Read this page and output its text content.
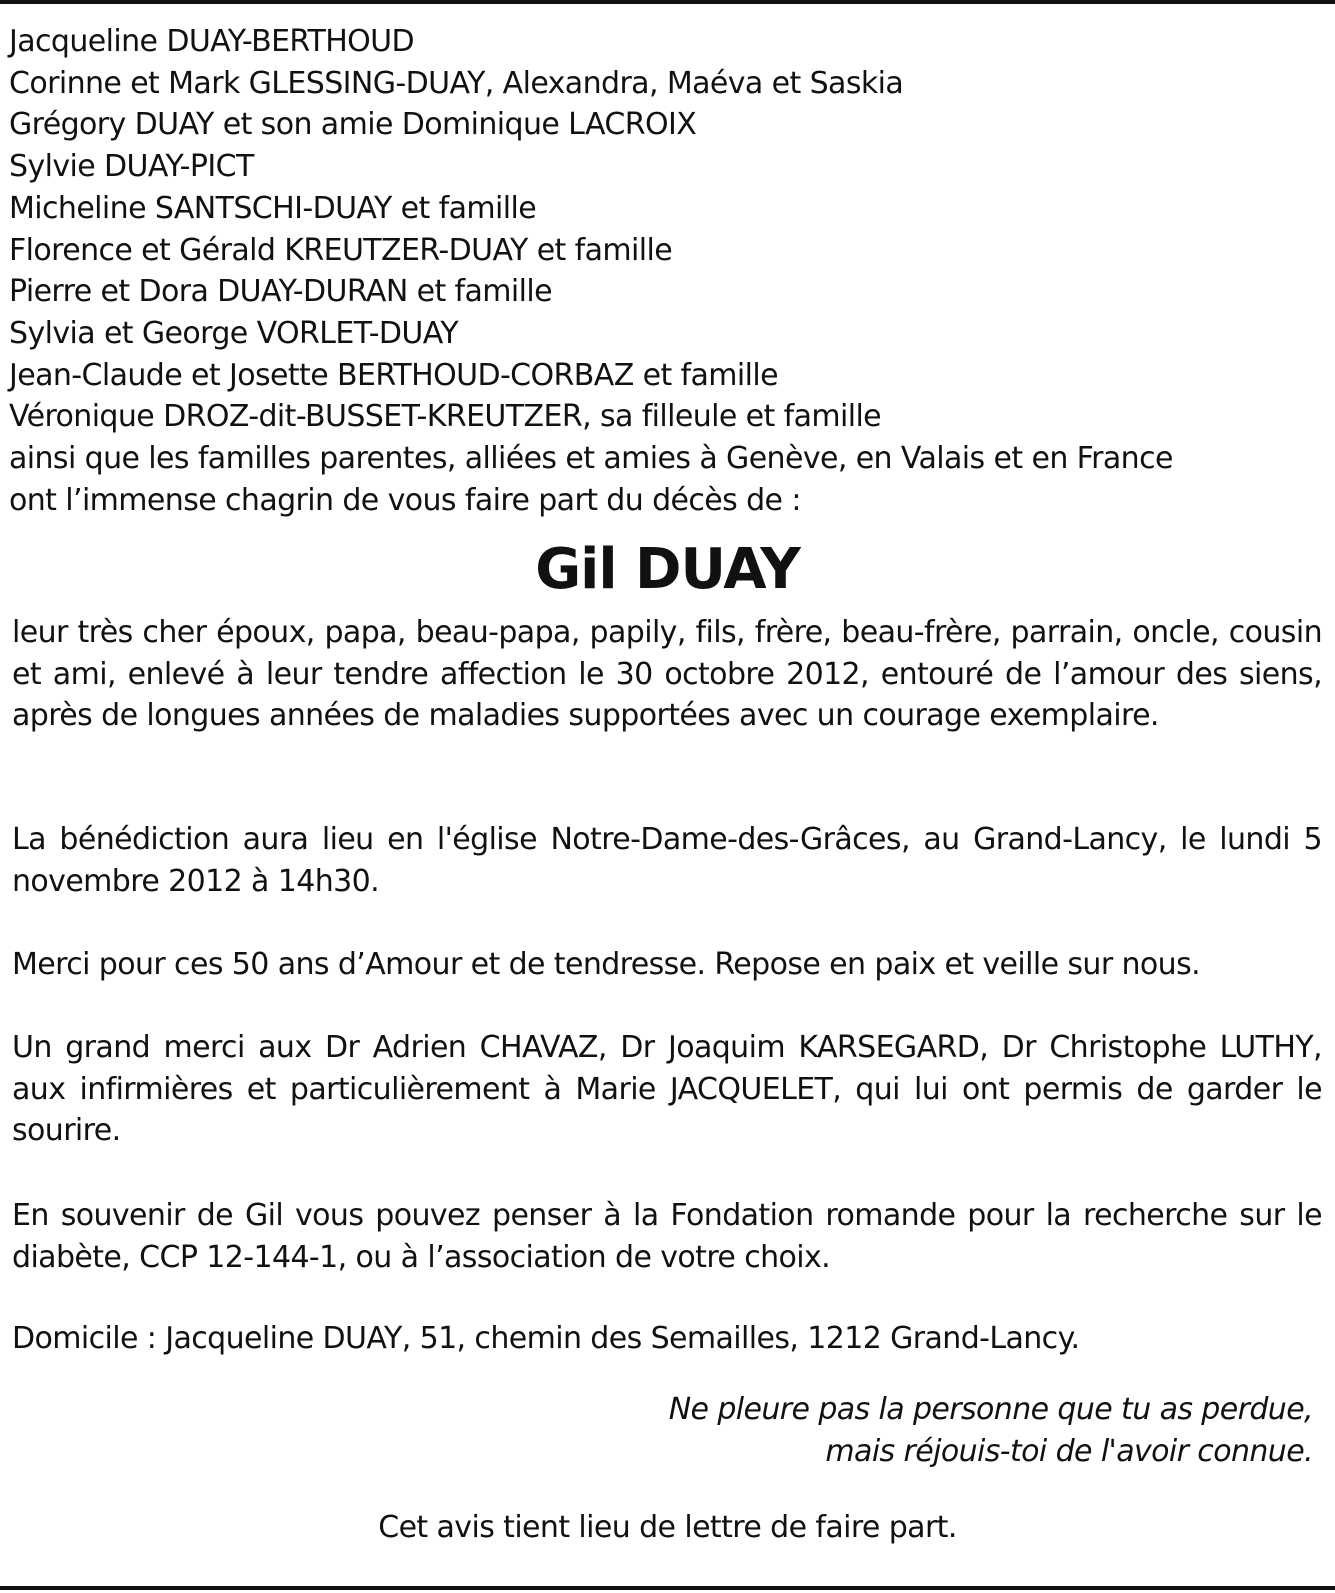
Jacqueline DUAY-BERTHOUD
Corinne et Mark GLESSING-DUAY, Alexandra, Maéva et Saskia
Grégory DUAY et son amie Dominique LACROIX
Sylvie DUAY-PICT
Micheline SANTSCHI-DUAY et famille
Florence et Gérald KREUTZER-DUAY et famille
Pierre et Dora DUAY-DURAN et famille
Sylvia et George VORLET-DUAY
Jean-Claude et Josette BERTHOUD-CORBAZ et famille
Véronique DROZ-dit-BUSSET-KREUTZER, sa filleule et famille
ainsi que les familles parentes, alliées et amies à Genève, en Valais et en France
ont l’immense chagrin de vous faire part du décès de :
Gil DUAY
leur très cher époux, papa, beau-papa, papily, fils, frère, beau-frère, parrain, oncle, cousin et ami, enlevé à leur tendre affection le 30 octobre 2012, entouré de l’amour des siens, après de longues années de maladies supportées avec un courage exemplaire.
La bénédiction aura lieu en l'église Notre-Dame-des-Grâces, au Grand-Lancy, le lundi 5 novembre 2012 à 14h30.
Merci pour ces 50 ans d’Amour et de tendresse. Repose en paix et veille sur nous.
Un grand merci aux Dr Adrien CHAVAZ, Dr Joaquim KARSEGARD, Dr Christophe LUTHY, aux infirmières et particulièrement à Marie JACQUELET, qui lui ont permis de garder le sourire.
En souvenir de Gil vous pouvez penser à la Fondation romande pour la recherche sur le diabète, CCP 12-144-1, ou à l’association de votre choix.
Domicile : Jacqueline DUAY, 51, chemin des Semailles, 1212 Grand-Lancy.
Ne pleure pas la personne que tu as perdue,
mais réjouis-toi de l'avoir connue.
Cet avis tient lieu de lettre de faire part.
